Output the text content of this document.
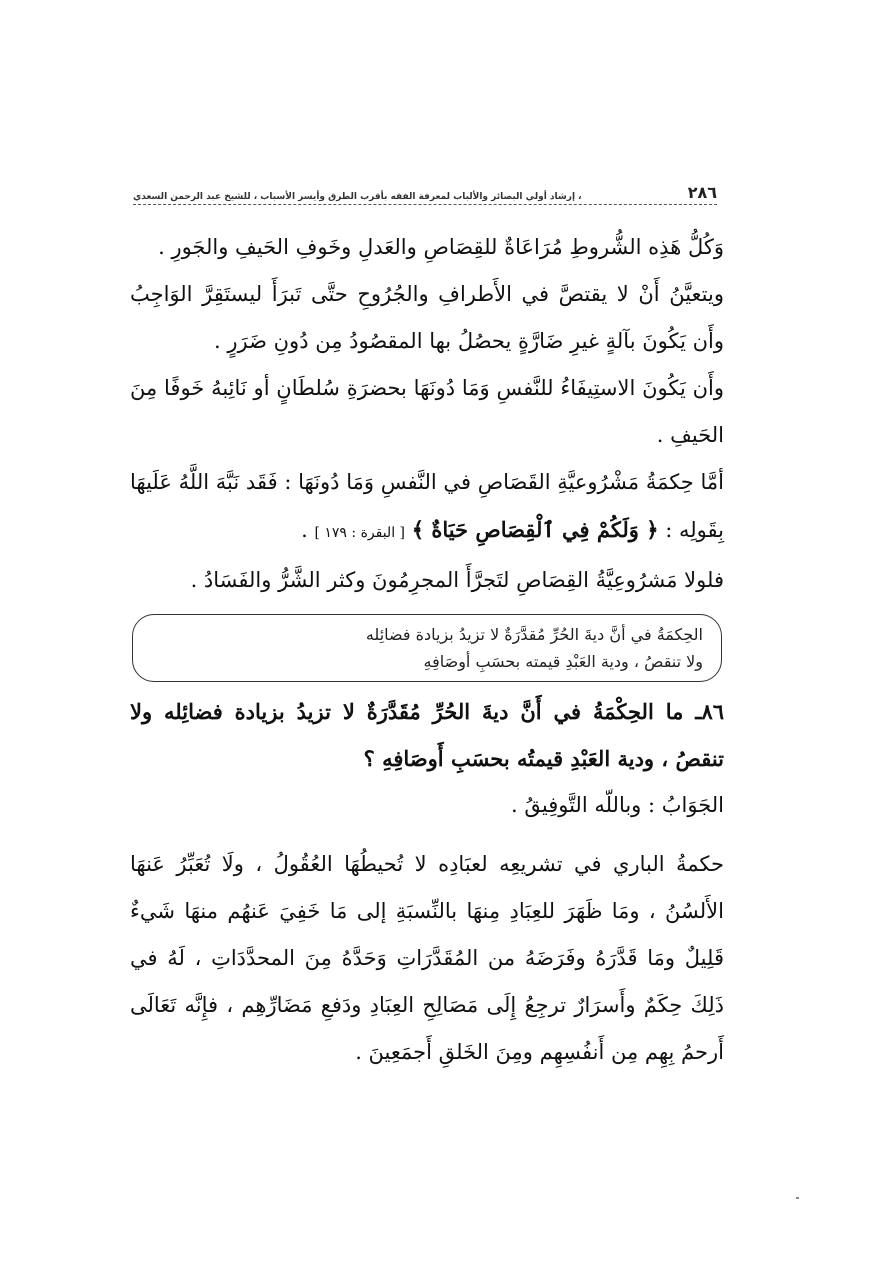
٢٨٦
، إرشاد أولي البصائر والألباب لمعرفة الفقه بأقرب الطرق وأيسر الأسباب ، للشيخ عبد الرحمن السعدي

وَكُلُّ هَذِه الشُّروطِ مُرَاعَاةٌ للقِصَاصِ والعَدلِ وخَوفِ الحَيفِ والجَورِ .

ويتعيَّنُ أَنْ لا يقتصَّ في الأَطرافِ والجُرُوحِ حتَّى تَبرَأَ ليستَقِرَّ الوَاجِبُ وأَن يَكُونَ بآلةٍ غيرِ ضَارَّةٍ يحصُلُ بها المقصُودُ مِن دُونِ ضَرَرٍ .

وأَن يَكُونَ الاستِيفَاءُ للنَّفسِ وَمَا دُونَهَا بحضرَةِ سُلطَانٍ أو نَائِبهُ خَوفًا مِنَ الحَيفِ .

أمَّا حِكمَةُ مَشْرُوعيَّةِ القَصَاصِ في النَّفسِ وَمَا دُونَهَا : فَقَد نَبَّهَ اللَّهُ عَلَيهَا بِقَولِه : ﴿ وَلَكُمْ فِي ٱلْقِصَاصِ حَيَاةٌ ﴾ [ البقرة : ١٧٩ ] .

فلولا مَشرُوعِيَّةُ القِصَاصِ لتَجرَّأَ المجرِمُونَ وكثر الشَّرُّ والفَسَادُ .

الحِكمَةُ في أنَّ ديةَ الحُرِّ مُقدَّرَةٌ لا تزيدُ بزيادة فضائِله
ولا تنقصُ ، ودية العَبْدِ قيمته بحسَبِ أوصَافِهِ

٨٦ـ ما الحِكْمَةُ في أَنَّ ديةَ الحُرِّ مُقَدَّرَةٌ لا تزيدُ بزيادة فضائِله ولا تنقصُ ، ودية العَبْدِ قيمتُه بحسَبِ أَوصَافِهِ ؟

الجَوَابُ : وباللّه التَّوفِيقُ .

حكمةُ الباري في تشريعِه لعبَادِه لا تُحيطُهَا العُقُولُ ، ولَا تُعَبِّرُ عَنهَا الأَلسُنُ ، ومَا ظَهَرَ للعِبَادِ مِنهَا بالنِّسبَةِ إلى مَا خَفِيَ عَنهُم منهَا شَيءٌ قَلِيلٌ ومَا قَدَّرَهُ وفَرَضَهُ من المُقَدَّرَاتِ وَحَدَّهُ مِنَ المحدَّدَاتِ ، لَهُ في ذَلِكَ حِكَمٌ وأَسرَارٌ ترجِعُ إِلَى مَصَالِحِ العِبَادِ ودَفعِ مَضَارِّهِم ، فإِنَّه تَعَالَى أَرحمُ بِهِم مِن أَنفُسِهِم ومِنَ الخَلقِ أَجمَعِينَ .
